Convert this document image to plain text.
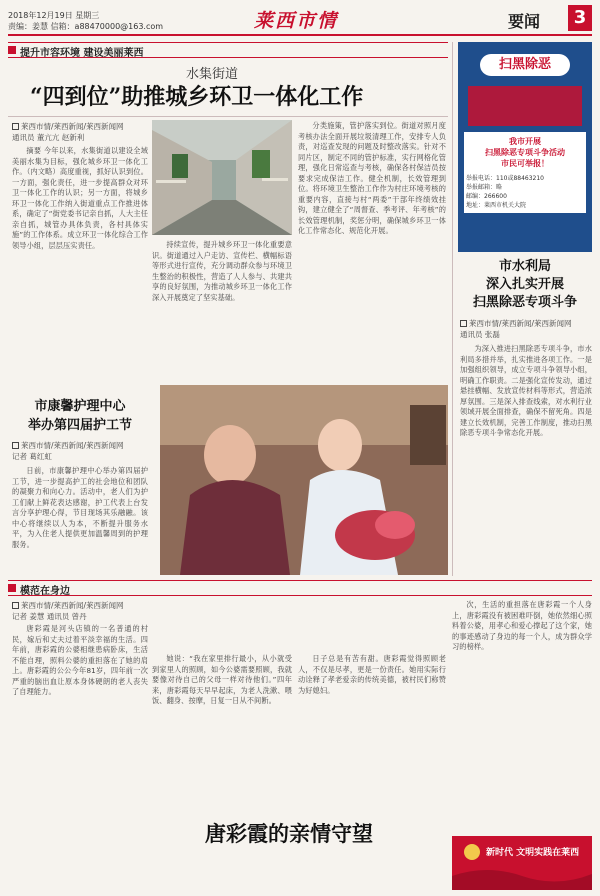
2018年12月19日 星期三
责编：姜慧 信箱：a88470000@163.com	莱西市情	要闻	3
提升市容环境 建设美丽莱西
水集街道
“四到位”助推城乡环卫一体化工作
莱西市情/莱西新闻/莱西新闻网
通讯员 董亢亢 赵新利

摘要 今年以来，水集街道以建设全域美丽水集为目标，强化城乡环卫一体化工作。（内文略）高度重视，抓好认识到位。一方面，强化责任，进一步提高群众对环卫一体化工作的认识；另一方面，将城乡环卫一体化工作纳入街道重点工作推进体系，确定了“街党委书记亲自抓，人大主任亲自抓，城管办具体负责，各村具体实施”的工作体系。成立环卫一体化综合工作领导小组，层层压实责任。	持续宣传，提升城乡环卫一体化重要意识。街道通过入户走访、宣传栏、横幅标语等形式进行宣传，充分调动群众参与环境卫生整治的积极性，营造了人人参与、共建共享的良好氛围，为推动城乡环卫一体化工作深入开展奠定了坚实基础。

分类施策，管护落实到位。街道对照月度考核办法全面开展垃圾清理工作，安排专人负责，对巡查发现的问题及时整改落实。针对不同片区，制定不同的管护标准，实行网格化管理，强化日常巡查与考核，确保各村保洁员按要求完成保洁工作。健全机制，长效管理到位。将环境卫生整治工作作为村庄环境考核的重要内容，直接与村“两委”干部年终绩效挂钩，建立健全了“周督查、季考评、年考核”的长效管理机制，奖惩分明，确保城乡环卫一体化工作常态化、规范化开展。

市康馨护理中心
举办第四届护工节
莱西市情/莱西新闻/莱西新闻网
记者 葛红虹

日前，市康馨护理中心举办第四届护工节，进一步提高护工的社会地位和团队的凝聚力和向心力。活动中，老人们为护工们献上鲜花表达感谢，护工代表上台发言分享护理心得，节目现场其乐融融。该中心将继续以人为本，不断提升服务水平，为入住老人提供更加温馨周到的护理服务。

扫黑除恶
我市开展
扫黑除恶专项斗争活动
市民可举报！
举报电话：110或88463210
举报邮箱：略
邮编：266600
地址：莱西市机关大院
市水利局
深入扎实开展
扫黑除恶专项斗争
莱西市情/莱西新闻/莱西新闻网
通讯员 张磊

为深入推进扫黑除恶专项斗争，市水利局多措并举，扎实推进各项工作。一是加强组织领导，成立专项斗争领导小组，明确工作职责。二是强化宣传发动，通过悬挂横幅、发放宣传材料等形式，营造浓厚氛围。三是深入排查线索，对水利行业领域开展全面排查，确保不留死角。四是建立长效机制，完善工作制度，推动扫黑除恶专项斗争常态化开展。

模范在身边
莱西市情/莱西新闻/莱西新闻网
记者 姜慧 通讯员 曾丹

唐彩霞是河头店镇的一名普通的村民，嫁后和丈夫过着平淡幸福的生活。四年前，唐彩霞的公婆相继患病卧床，生活不能自理，照料公婆的重担落在了她的肩上。唐彩霞的公公今年81岁，四年前一次严重的脑出血让原本身体硬朗的老人丧失了自理能力。

唐彩霞的亲情守望

她说：“我在家里排行最小，从小就受到家里人的照顾，如今公婆需要照顾，我就要像对待自己的父母一样对待他们。”四年来，唐彩霞每天早早起床，为老人洗漱、喂饭、翻身、按摩，日复一日从不间断。

日子总是有苦有甜。唐彩霞觉得照顾老人，不仅是尽孝，更是一份责任。她用实际行动诠释了孝老爱亲的传统美德，被村民们称赞为好媳妇。

次，生活的重担落在唐彩霞一个人身上，唐彩霞没有被困难吓倒，她依然细心照料着公婆，用孝心和爱心撑起了这个家，她的事迹感动了身边的每一个人，成为群众学习的榜样。

新时代 文明实践在莱西
